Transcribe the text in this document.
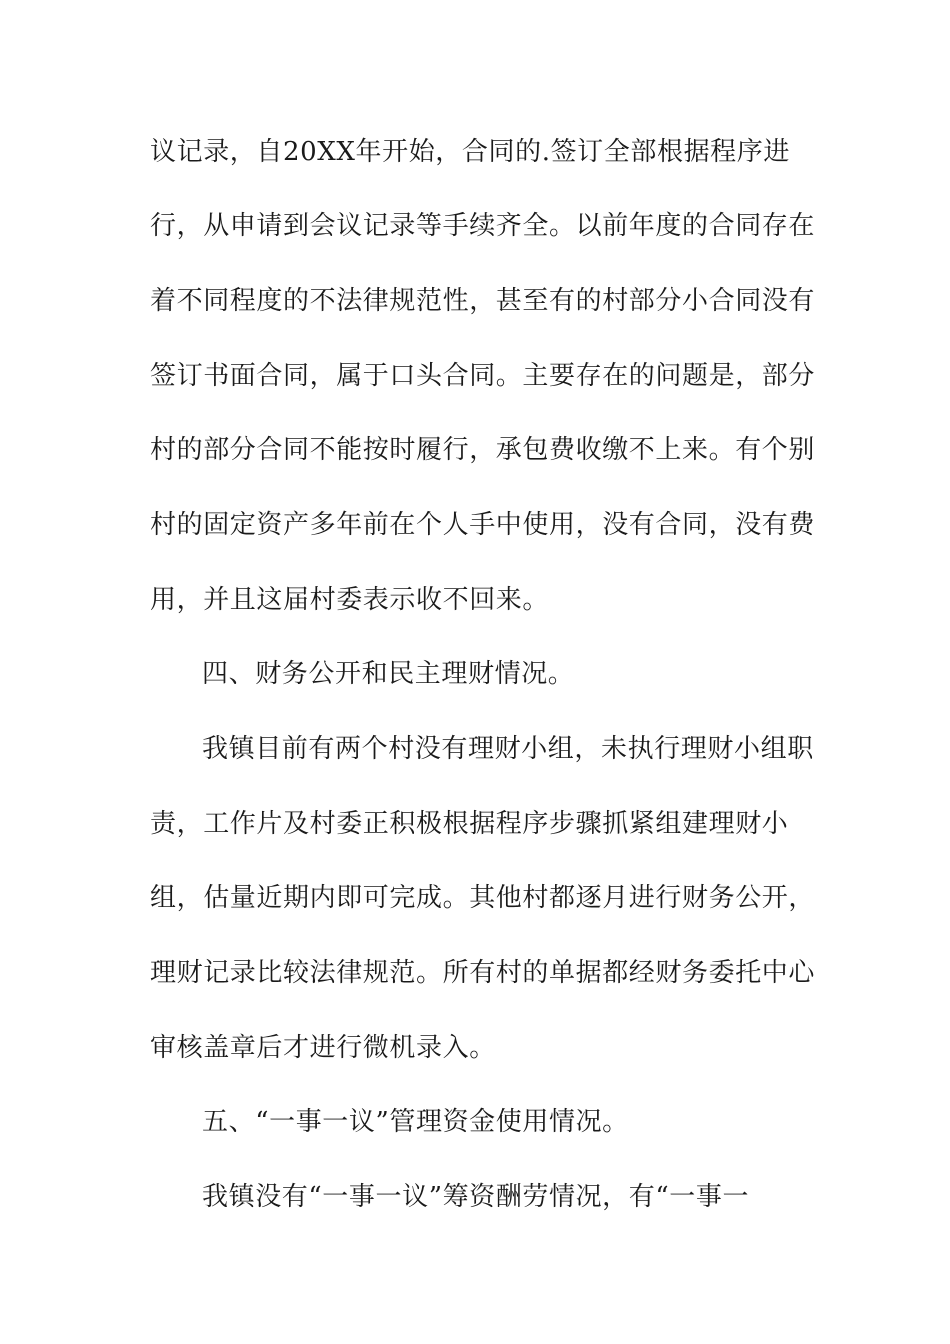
议记录，自20XX年开始，合同的.签订全部根据程序进
行，从申请到会议记录等手续齐全。以前年度的合同存在
着不同程度的不法律规范性，甚至有的村部分小合同没有
签订书面合同，属于口头合同。主要存在的问题是，部分
村的部分合同不能按时履行，承包费收缴不上来。有个别
村的固定资产多年前在个人手中使用，没有合同，没有费
用，并且这届村委表示收不回来。
四、财务公开和民主理财情况。
我镇目前有两个村没有理财小组，未执行理财小组职
责，工作片及村委正积极根据程序步骤抓紧组建理财小
组，估量近期内即可完成。其他村都逐月进行财务公开，
理财记录比较法律规范。所有村的单据都经财务委托中心
审核盖章后才进行微机录入。
五、“一事一议”管理资金使用情况。
我镇没有“一事一议”筹资酬劳情况，有“一事一
